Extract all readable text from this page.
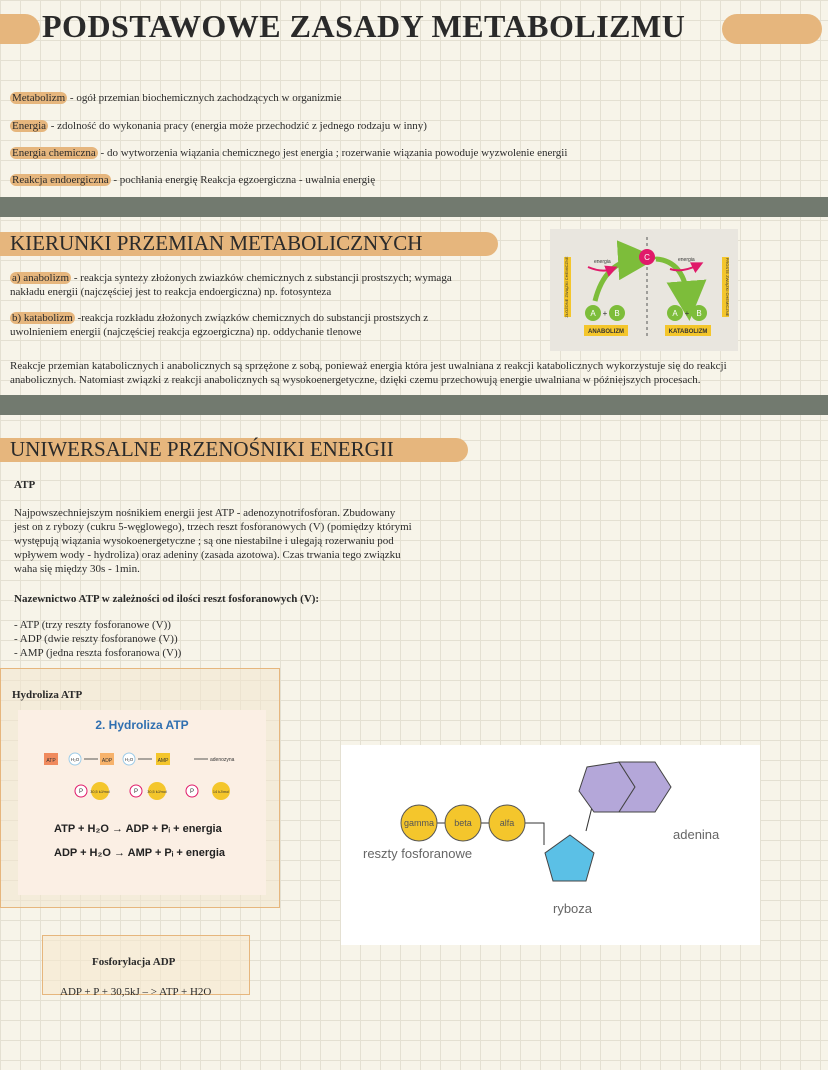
PODSTAWOWE ZASADY METABOLIZMU
Metabolizm - ogół przemian biochemicznych zachodzących w organizmie
Energia - zdolność do wykonania pracy (energia może przechodzić z jednego rodzaju w inny)
Energia chemiczna - do wytworzenia wiązania chemicznego jest energia ; rozerwanie wiązania powoduje wyzwolenie energii
Reakcja endoergiczna - pochłania energię Reakcja egzoergiczna - uwalnia energię
KIERUNKI PRZEMIAN METABOLICZNYCH
a) anabolizm - reakcja syntezy złożonych zwiazków chemicznych z substancji prostszych; wymaga
nakładu energii (najczęściej jest to reakcja endoergiczna) np. fotosynteza
b) katabolizm -reakcja rozkładu złożonych związków chemicznych do substancji prostszych z
uwolnieniem energii (najczęściej reakcja egzoergiczna) np. oddychanie tlenowe
ZŁOŻONE ZWIĄZKI CHEMICZNE	PROSTE ZWIĄZKI CHEMICZNE
energia	energia
C
A + B	A + B
ANABOLIZM	KATABOLIZM
Reakcje przemian katabolicznych i anabolicznych są sprzężone z sobą, ponieważ energia która jest uwalniana z reakcji katabolicznych wykorzystuje się do reakcji
anabolicznych. Natomiast związki z reakcji anabolicznych są wysokoenergetyczne, dzięki czemu przechowują energie uwalniana w późniejszych procesach.
UNIWERSALNE PRZENOŚNIKI ENERGII
ATP
Najpowszechniejszym nośnikiem energii jest ATP - adenozynotrifosforan. Zbudowany
jest on z rybozy (cukru 5-węglowego), trzech reszt fosforanowych (V) (pomiędzy którymi
występują wiązania wysokoenergetyczne ; są one niestabilne i ulegają rozerwaniu pod
wpływem wody - hydroliza) oraz adeniny (zasada azotowa). Czas trwania tego związku
waha się między 30s - 1min.
Nazewnictwo ATP w zależności od ilości reszt fosforanowych (V):
- ATP (trzy reszty fosforanowe (V))
- ADP (dwie reszty fosforanowe (V))
- AMP (jedna reszta fosforanowa (V))
Hydroliza ATP
2. Hydroliza ATP
ATP	H₂O	ADP	H₂O	AMP	adenozyna
P 30,5 kJ/mol	P 30,5 kJ/mol	P	14 kJ/mol
ATP + H₂O → ADP + Pᵢ + energia
ADP + H₂O → AMP + Pᵢ + energia
Fosforylacja ADP
ADP + P + 30,5kJ – > ATP + H2O
gamma beta	alfa
reszty fosforanowe
adenina
ryboza
